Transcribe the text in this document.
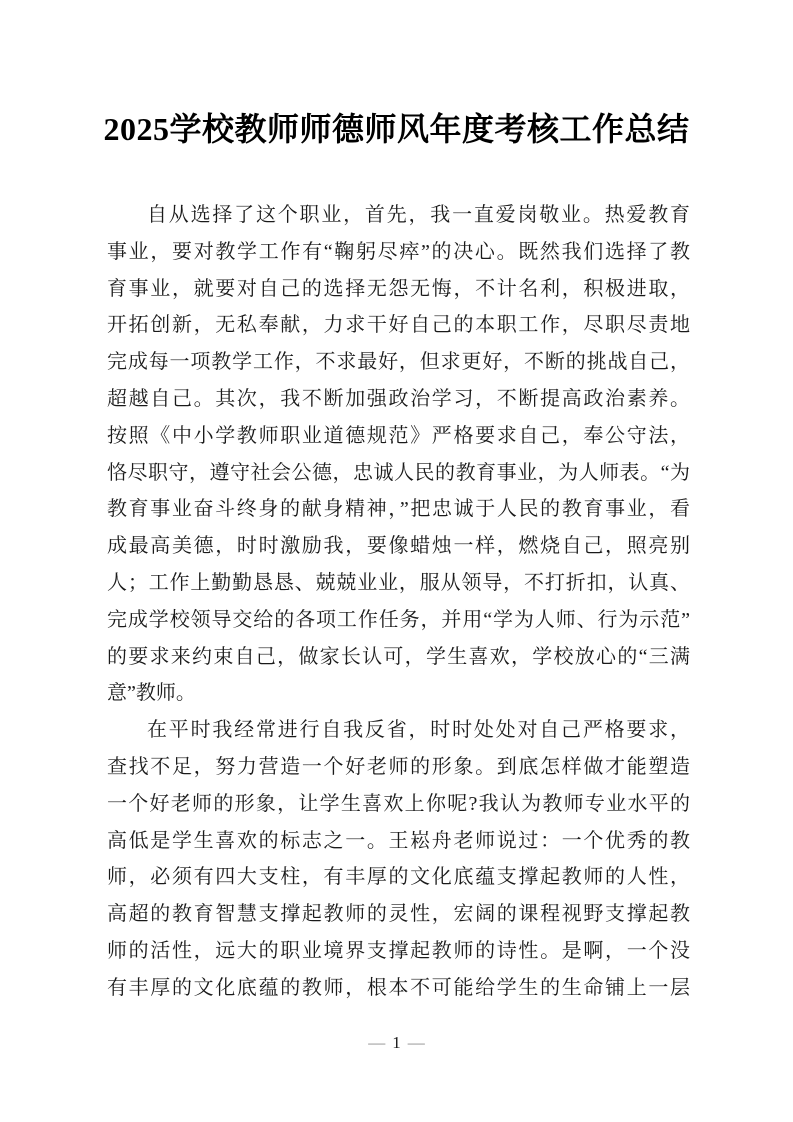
2025学校教师师德师风年度考核工作总结
自从选择了这个职业，首先，我一直爱岗敬业。热爱教育
事业，要对教学工作有“鞠躬尽瘁”的决心。既然我们选择了教
育事业，就要对自己的选择无怨无悔，不计名利，积极进取，
开拓创新，无私奉献，力求干好自己的本职工作，尽职尽责地
完成每一项教学工作，不求最好，但求更好，不断的挑战自己，
超越自己。其次，我不断加强政治学习，不断提高政治素养。
按照《中小学教师职业道德规范》严格要求自己，奉公守法，
恪尽职守，遵守社会公德，忠诚人民的教育事业，为人师表。“为
教育事业奋斗终身的献身精神，”把忠诚于人民的教育事业，看
成最高美德，时时激励我，要像蜡烛一样，燃烧自己，照亮别
人；工作上勤勤恳恳、兢兢业业，服从领导，不打折扣，认真、
完成学校领导交给的各项工作任务，并用“学为人师、行为示范”
的要求来约束自己，做家长认可，学生喜欢，学校放心的“三满
意”教师。
在平时我经常进行自我反省，时时处处对自己严格要求，
查找不足，努力营造一个好老师的形象。到底怎样做才能塑造
一个好老师的形象，让学生喜欢上你呢?我认为教师专业水平的
高低是学生喜欢的标志之一。王崧舟老师说过：一个优秀的教
师，必须有四大支柱，有丰厚的文化底蕴支撑起教师的人性，
高超的教育智慧支撑起教师的灵性，宏阔的课程视野支撑起教
师的活性，远大的职业境界支撑起教师的诗性。是啊，一个没
有丰厚的文化底蕴的教师，根本不可能给学生的生命铺上一层
— 1 —
